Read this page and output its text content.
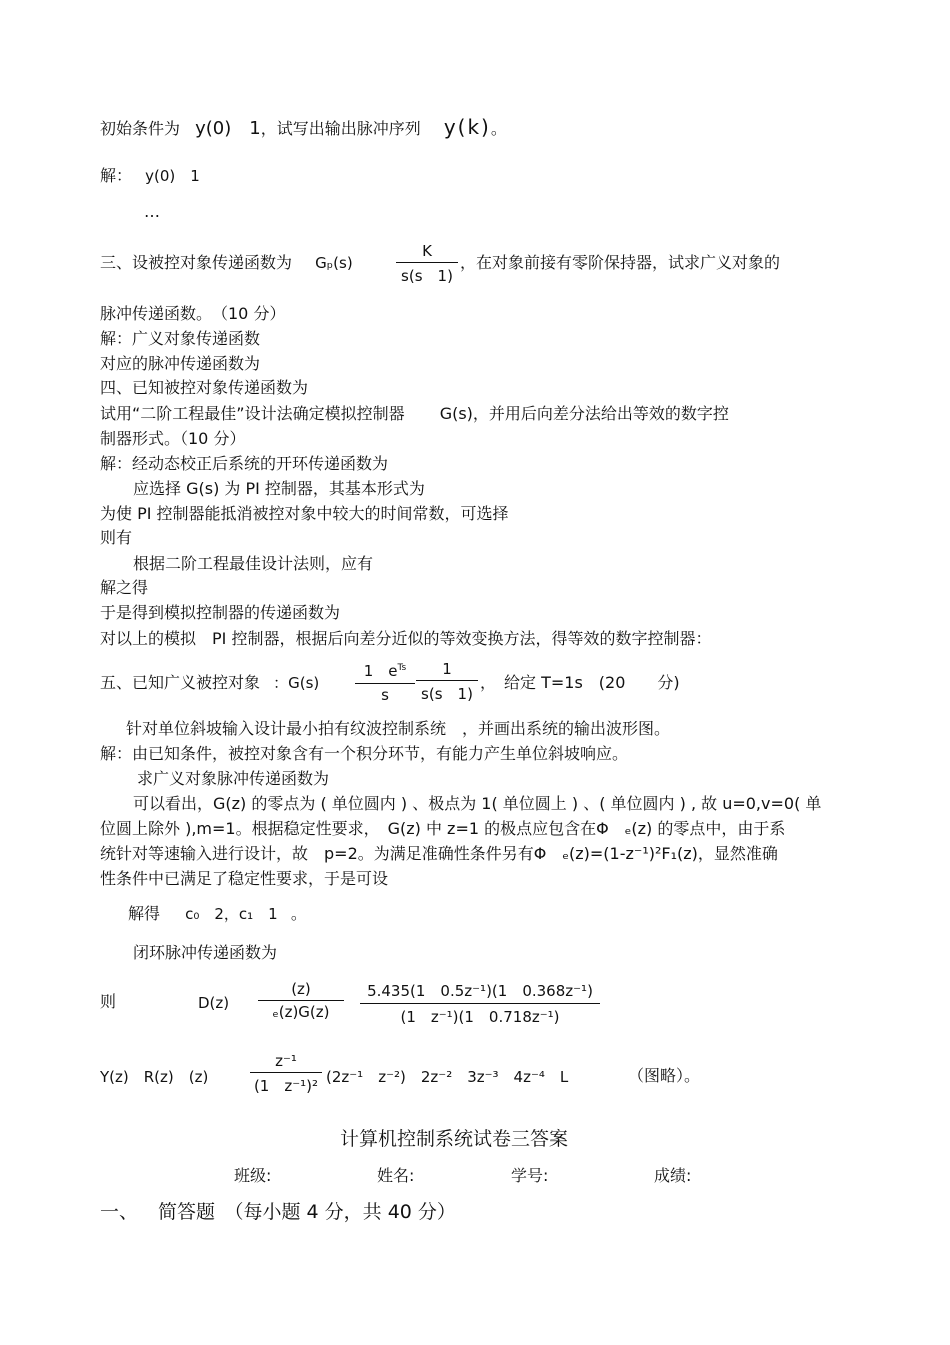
初始条件为 y(0)　1，试写出输出脉冲序列 y(k)。
解： y(0)　1
…
三、设被控对象传递函数为 Gₚ(s)	$\frac{K}{s(s 1)}$ ，在对象前接有零阶保持器，试求广义对象的
脉冲传递函数。　（10 分）
解：广义对象传递函数
对应的脉冲传递函数为
四、已知被控对象传递函数为
试用“二阶工程最佳”设计法确定模拟控制器 G(s)，并用后向差分法给出等效的数字控
制器形式。（10 分）
解：经动态校正后系统的开环传递函数为
应选择 G(s) 为 PI 控制器，其基本形式为
为使 PI 控制器能抵消被控对象中较大的时间常数，可选择
则有
根据二阶工程最佳设计法则，应有
解之得
于是得到模拟控制器的传递函数为
对以上的模拟　PI 控制器，根据后向差分近似的等效变换方法，得等效的数字控制器：
五、已知广义被控对象 ：G(s)
1　$e^{Ts}$
s	$\frac{1}{s(s 1)}$ ，　给定 T=1s　(20　　分)
针对单位斜坡输入设计最小拍有纹波控制系统　，并画出系统的输出波形图。
解：由已知条件，被控对象含有一个积分环节，有能力产生单位斜坡响应。
求广义对象脉冲传递函数为
可以看出，G(z) 的零点为 ( 单位圆内 ) 、极点为 1( 单位圆上 ) 、( 单位圆内 ) , 故 u=0,v=0( 单
位圆上除外 ),m=1。根据稳定性要求，　G(z) 中 z=1 的极点应包含在Φ　ₑ(z) 的零点中，由于系
统针对等速输入进行设计，故　p=2。为满足准确性条件另有Φ　ₑ(z)=(1-z⁻¹)²F₁(z)，显然准确
性条件中已满足了稳定性要求，于是可设
解得 c₀　2，c₁　1 。
闭环脉冲传递函数为
则	$D(z) \frac{(z)}{\text{ₑ(z)G(z)}} \frac{\text{5.435(1　0.5z⁻¹)(1　0.368z⁻¹)}}{\text{(1　z⁻¹)(1　0.718z⁻¹)}}$
Y(z)　R(z)　(z)	$\frac{\text{z⁻¹}}{\text{(1　z⁻¹)²}} (2z^{-1}$　z⁻²)　2z⁻²　3z⁻³　4z⁻⁴　L	（图略）。
计算机控制系统试卷三答案
班级:	姓名:	学号:	成绩:
一、 简答题　（每小题 4 分，共 40 分）
